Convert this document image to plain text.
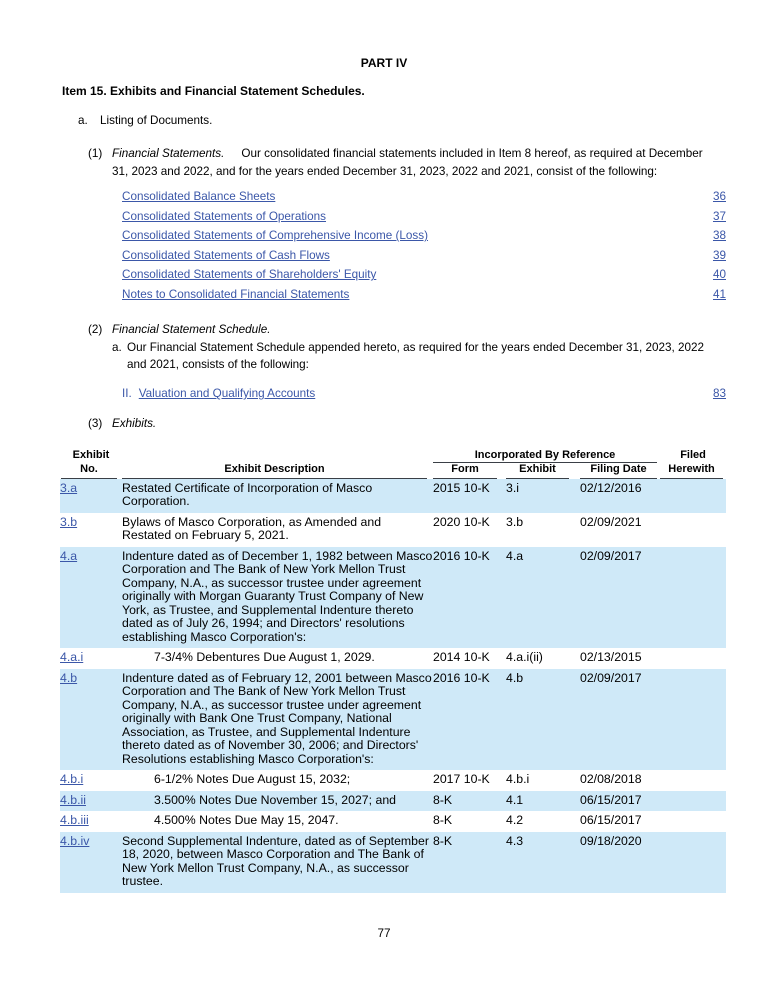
PART IV
Item 15. Exhibits and Financial Statement Schedules.
a. Listing of Documents.
(1) Financial Statements. Our consolidated financial statements included in Item 8 hereof, as required at December 31, 2023 and 2022, and for the years ended December 31, 2023, 2022 and 2021, consist of the following:
Consolidated Balance Sheets	36
Consolidated Statements of Operations	37
Consolidated Statements of Comprehensive Income (Loss)	38
Consolidated Statements of Cash Flows	39
Consolidated Statements of Shareholders' Equity	40
Notes to Consolidated Financial Statements	41
(2) Financial Statement Schedule.
a. Our Financial Statement Schedule appended hereto, as required for the years ended December 31, 2023, 2022 and 2021, consists of the following:
II. Valuation and Qualifying Accounts	83
(3) Exhibits.
Exhibit		Incorporated By Reference			Filed

No.	Exhibit Description	Form	Exhibit	Filing Date	Herewith

3.a	Restated Certificate of Incorporation of Masco Corporation.	2015 10-K	3.i	02/12/2016	
3.b	Bylaws of Masco Corporation, as Amended and Restated on February 5, 2021.	2020 10-K	3.b	02/09/2021	
4.a	Indenture dated as of December 1, 1982 between Masco Corporation and The Bank of New York Mellon Trust Company, N.A., as successor trustee under agreement originally with Morgan Guaranty Trust Company of New York, as Trustee, and Supplemental Indenture thereto dated as of July 26, 1994; and Directors' resolutions establishing Masco Corporation's:	2016 10-K	4.a	02/09/2017	
4.a.i	7-3/4% Debentures Due August 1, 2029.	2014 10-K	4.a.i(ii)	02/13/2015	
4.b	Indenture dated as of February 12, 2001 between Masco Corporation and The Bank of New York Mellon Trust Company, N.A., as successor trustee under agreement originally with Bank One Trust Company, National Association, as Trustee, and Supplemental Indenture thereto dated as of November 30, 2006; and Directors' Resolutions establishing Masco Corporation's:	2016 10-K	4.b	02/09/2017	
4.b.i	6-1/2% Notes Due August 15, 2032;	2017 10-K	4.b.i	02/08/2018	
4.b.ii	3.500% Notes Due November 15, 2027; and	8-K	4.1	06/15/2017	
4.b.iii	4.500% Notes Due May 15, 2047.	8-K	4.2	06/15/2017	
4.b.iv	Second Supplemental Indenture, dated as of September 18, 2020, between Masco Corporation and The Bank of New York Mellon Trust Company, N.A., as successor trustee.	8-K	4.3	09/18/2020	
77
